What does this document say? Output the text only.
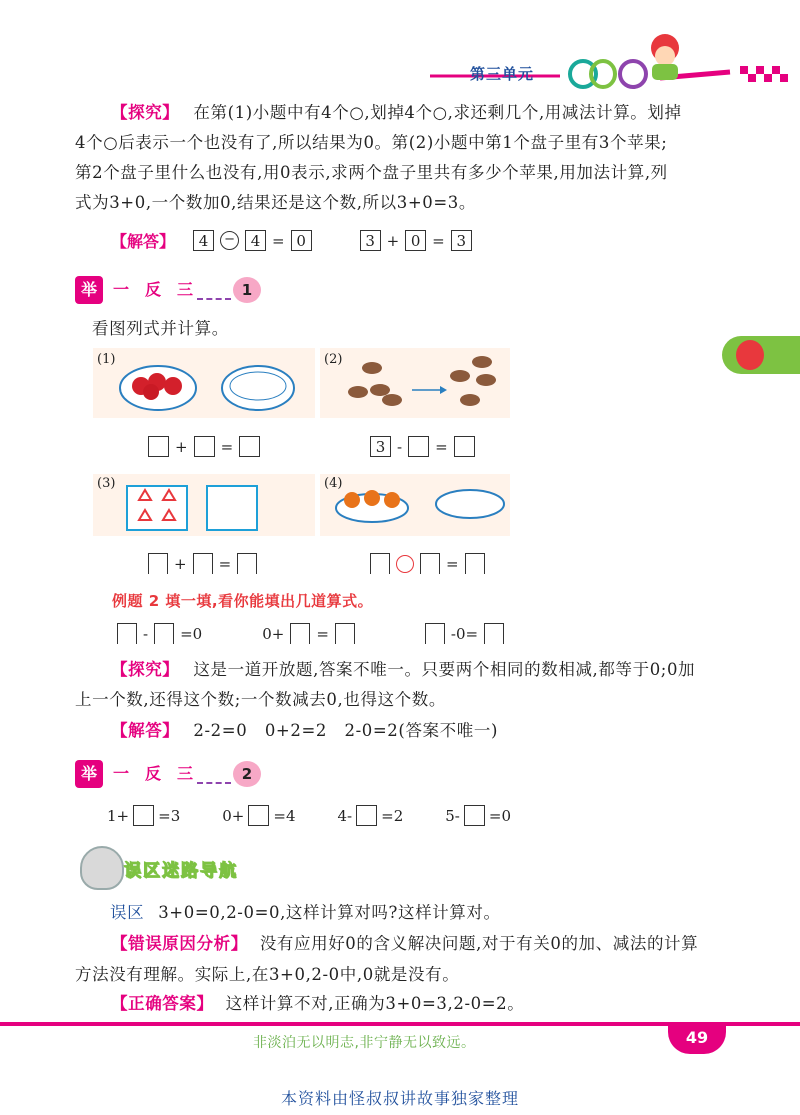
第三单元
【探究】 在第(1)小题中有4个○,划掉4个○,求还剩几个,用减法计算。划掉
4个○后表示一个也没有了,所以结果为0。第(2)小题中第1个盘子里有3个苹果;
第2个盘子里什么也没有,用0表示,求两个盘子里共有多少个苹果,用加法计算,列
式为3+0,一个数加0,结果还是这个数,所以3+0=3。
【解答】	4	−	4 = 0	3 + 0 = 3
举 一 反 三	1
看图列式并计算。
(1)	(2)
+ =	3 - =
(3)	(4)
+ =	=
例题 2 填一填,看你能填出几道算式。
- =0	0+ =	-0=
【探究】 这是一道开放题,答案不唯一。只要两个相同的数相减,都等于0;0加
上一个数,还得这个数;一个数减去0,也得这个数。
【解答】 2-2=0   0+2=2   2-0=2(答案不唯一)
举 一 反 三	2
1+ =3	0+ =4	4- =2	5- =0
误区迷路导航
误区 3+0=0,2-0=0,这样计算对吗?这样计算对。
【错误原因分析】 没有应用好0的含义解决问题,对于有关0的加、减法的计算
方法没有理解。实际上,在3+0,2-0中,0就是没有。
【正确答案】 这样计算不对,正确为3+0=3,2-0=2。
非淡泊无以明志,非宁静无以致远。	49
本资料由怪叔叔讲故事独家整理
